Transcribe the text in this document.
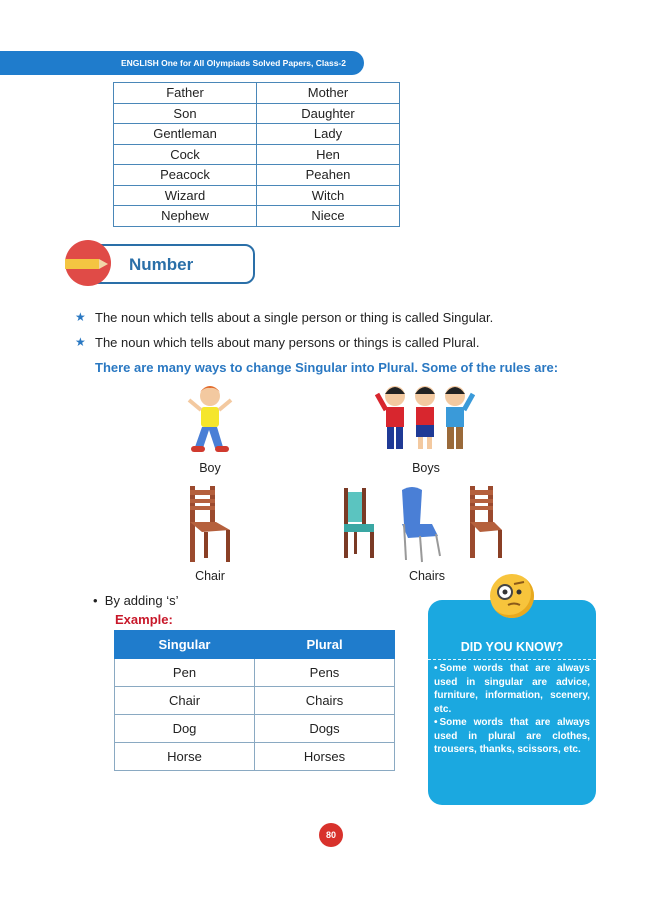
ENGLISH One for All Olympiads Solved Papers, Class-2
Father	Mother
Son	Daughter
Gentleman	Lady
Cock	Hen
Peacock	Peahen
Wizard	Witch
Nephew	Niece
Number
★ The noun which tells about a single person or thing is called Singular.
★ The noun which tells about many persons or things is called Plural.
There are many ways to change Singular into Plural. Some of the rules are:
Boy	Boys
Chair	Chairs
•  By adding ‘s’
Example:
Singular	Plural
Pen	Pens
Chair	Chairs
Dog	Dogs
Horse	Horses
DID YOU KNOW?
• Some words that are always used in singular are advice, furniture, information, scenery, etc.
• Some words that are always used in plural are clothes, trousers, thanks, scissors, etc.
80
